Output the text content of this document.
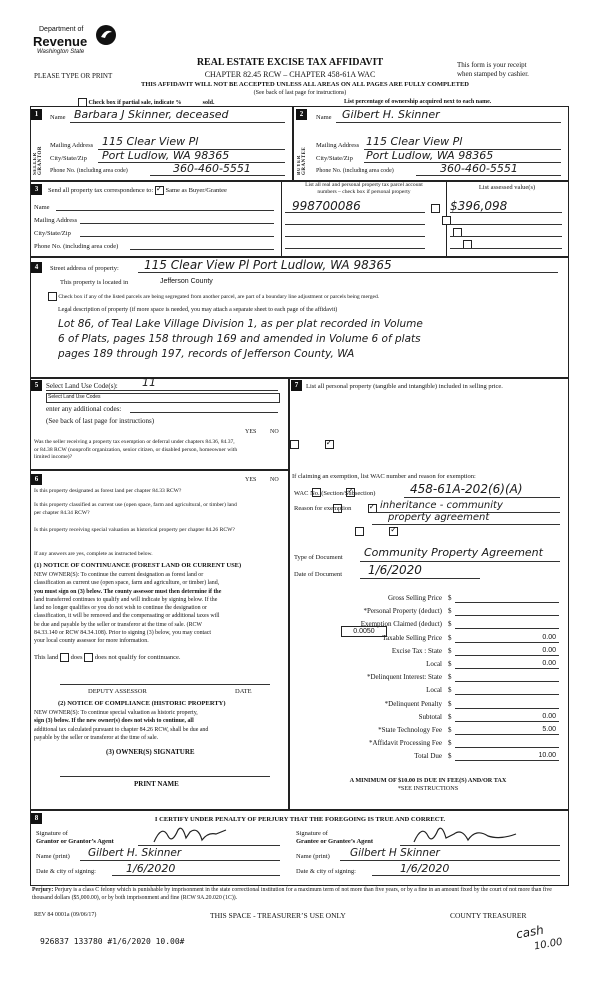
Department of
Revenue
Washington State
PLEASE TYPE OR PRINT
REAL ESTATE EXCISE TAX AFFIDAVIT
CHAPTER 82.45 RCW – CHAPTER 458-61A WAC
THIS AFFIDAVIT WILL NOT BE ACCEPTED UNLESS ALL AREAS ON ALL PAGES ARE FULLY COMPLETED
(See back of last page for instructions)
This form is your receipt
when stamped by cashier.
Check box if partial sale, indicate %	sold.	List percentage of ownership acquired next to each name.
1	2
SELLER GRANTOR	BUYER GRANTEE
Name Barbara J Skinner, deceased
Mailing Address 115 Clear View Pl
City/State/Zip Port Ludlow, WA 98365
Phone No. (including area code)	360-460-5551
Name Gilbert H. Skinner
Mailing Address 115 Clear View Pl
City/State/Zip Port Ludlow, WA 98365
Phone No. (including area code)	360-460-5551
3	Send all property tax correspondence to: ✓ Same as Buyer/Grantee
Name
Mailing Address
City/State/Zip
Phone No. (including area code)
List all real and personal property tax parcel account
numbers – check box if personal property
List assessed value(s)

998700086	$396,098
4	Street address of property: 115 Clear View Pl Port Ludlow, WA 98365
This property is located in	Jefferson County
Check box if any of the listed parcels are being segregated from another parcel, are part of a boundary line adjustment or parcels being merged.
Legal description of property (if more space is needed, you may attach a separate sheet to each page of the affidavit)
Lot 86, of Teal Lake Village Division 1, as per plat recorded in Volume
6 of Plats, pages 158 through 169 and amended in Volume 6 of plats
pages 189 through 197, records of Jefferson County, WA
5	Select Land Use Code(s): 11
Select Land Use Codes
enter any additional codes:
(See back of last page for instructions)
YES NO
Was the seller receiving a property tax exemption or deferral under chapters 84.36, 84.37, or 84.38 RCW (nonprofit organization, senior citizen, or disabled person, homeowner with limited income)?
✓
6	YES NO
Is this property designated as forest land per chapter 84.33 RCW?
✓
Is this property classified as current use (open space, farm and agricultural, or timber) land per chapter 84.34 RCW?
✓
Is this property receiving special valuation as historical property per chapter 84.26 RCW?
✓
If any answers are yes, complete as instructed below.
(1) NOTICE OF CONTINUANCE (FOREST LAND OR CURRENT USE)
NEW OWNER(S): To continue the current designation as forest land or
classification as current use (open space, farm and agriculture, or timber) land,
you must sign on (3) below. The county assessor must then determine if the
land transferred continues to qualify and will indicate by signing below. If the
land no longer qualifies or you do not wish to continue the designation or
classification, it will be removed and the compensating or additional taxes will
be due and payable by the seller or transferor at the time of sale. (RCW
84.33.140 or RCW 84.34.108). Prior to signing (3) below, you may contact
your local county assessor for more information.
This land does does not qualify for continuance.
DEPUTY ASSESSOR	DATE
(2) NOTICE OF COMPLIANCE (HISTORIC PROPERTY)
NEW OWNER(S): To continue special valuation as historic property,
sign (3) below. If the new owner(s) does not wish to continue, all
additional tax calculated pursuant to chapter 84.26 RCW, shall be due and
payable by the seller or transferor at the time of sale.
(3) OWNER(S) SIGNATURE
PRINT NAME
7	List all personal property (tangible and intangible) included in selling price.
If claiming an exemption, list WAC number and reason for exemption:
WAC No. (Section/Subsection)	458-61A-202(6)(A)
Reason for exemption	inheritance - community
property agreement
Type of Document Community Property Agreement
Date of Document 1/6/2020
Gross Selling Price $
*Personal Property (deduct) $
Exemption Claimed (deduct) $
Taxable Selling Price $	0.00
Excise Tax : State $	0.00
Local $	0.00
*Delinquent Interest: State $
Local $
*Delinquent Penalty $
Subtotal $	0.00
*State Technology Fee $	5.00
*Affidavit Processing Fee $
Total Due $	10.00
0.0050
A MINIMUM OF $10.00 IS DUE IN FEE(S) AND/OR TAX
*SEE INSTRUCTIONS
8	I CERTIFY UNDER PENALTY OF PERJURY THAT THE FOREGOING IS TRUE AND CORRECT.
Signature of
Grantor or Grantor’s Agent
Name (print) Gilbert H. Skinner
Date & city of signing:	1/6/2020
Signature of
Grantee or Grantee’s Agent
Name (print) Gilbert H Skinner
Date & city of signing:	1/6/2020
Perjury: Perjury is a class C felony which is punishable by imprisonment in the state correctional institution for a maximum term of not more than five years, or by a fine in an amount fixed by the court of not more than five thousand dollars ($5,000.00), or by both imprisonment and fine (RCW 9A.20.020 (1C)).
REV 84 0001a (09/06/17)	THIS SPACE - TREASURER’S USE ONLY	COUNTY TREASURER
926837 133780 #1/6/2020 10.00#
cash
10.00
